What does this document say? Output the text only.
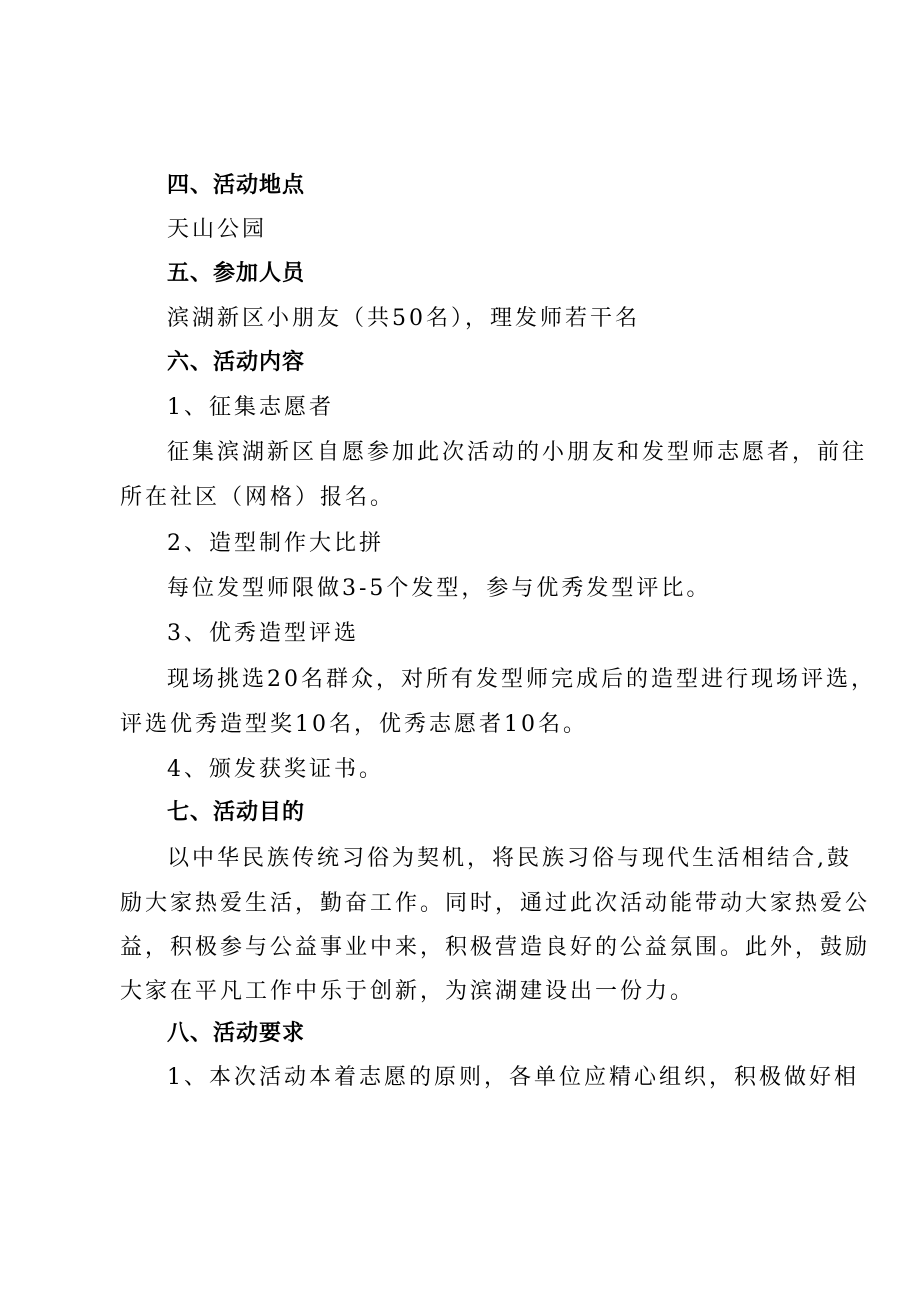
四、活动地点
天山公园
五、参加人员
滨湖新区小朋友（共50名），理发师若干名
六、活动内容
1、征集志愿者
征集滨湖新区自愿参加此次活动的小朋友和发型师志愿者，前往
所在社区（网格）报名。
2、造型制作大比拼
每位发型师限做3-5个发型，参与优秀发型评比。
3、优秀造型评选
现场挑选20名群众，对所有发型师完成后的造型进行现场评选，
评选优秀造型奖10名，优秀志愿者10名。
4、颁发获奖证书。
七、活动目的
以中华民族传统习俗为契机，将民族习俗与现代生活相结合,鼓
励大家热爱生活，勤奋工作。同时，通过此次活动能带动大家热爱公
益，积极参与公益事业中来，积极营造良好的公益氛围。此外，鼓励
大家在平凡工作中乐于创新，为滨湖建设出一份力。
八、活动要求
1、本次活动本着志愿的原则，各单位应精心组织，积极做好相
